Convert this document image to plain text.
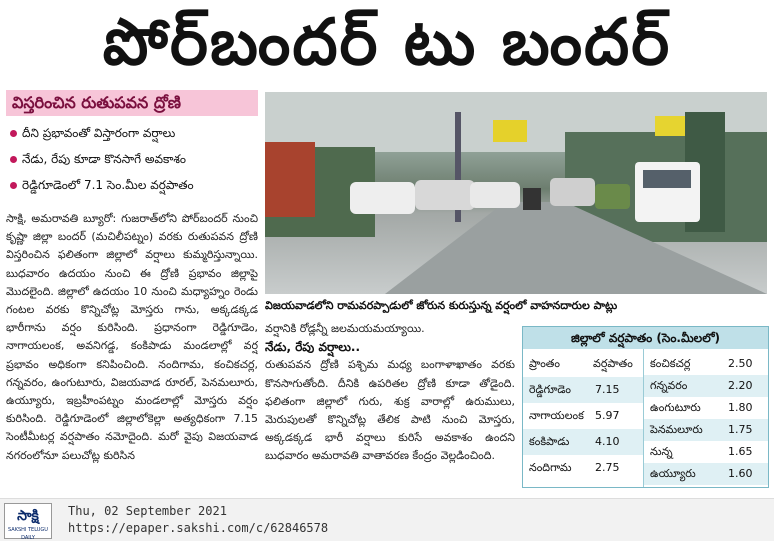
పోర్‌బందర్ టు బందర్
విస్తరించిన రుతుపవన ద్రోణి
దీని ప్రభావంతో విస్తారంగా వర్షాలు
నేడు, రేపు కూడా కొనసాగే అవకాశం
రెడ్డిగూడెంలో 7.1 సెం.మీల వర్షపాతం
విజయవాడలోని రామవరప్పాడులో జోరున కురుస్తున్న వర్షంలో వాహనదారుల పాట్లు
సాక్షి, అమరావతి బ్యూరో: గుజరాత్‌లోని పోర్‌బందర్ నుంచి కృష్ణా జిల్లా బందర్ (మచిలీపట్నం) వరకు రుతుపవన ద్రోణి విస్తరించిన ఫలితంగా జిల్లాలో వర్షాలు కుమ్మరిస్తున్నాయి. బుధవారం ఉదయం నుంచి ఈ ద్రోణి ప్రభావం జిల్లాపై మొదలైంది. జిల్లాలో ఉదయం 10 నుంచి మధ్యాహ్నం రెండు గంటల వరకు కొన్నిచోట్ల మోస్తరు గాను, అక్కడక్కడ భారీగాను వర్షం కురిసింది. ప్రధానంగా రెడ్డిగూడెం, నాగాయలంక, అవనిగడ్డ, కంకిపాడు మండలాల్లో వర్ష ప్రభావం అధికంగా కనిపించింది. నందిగామ, కంచికచర్ల, గన్నవరం, ఉంగుటూరు, విజయవాడ రూరల్, పెనమలూరు, ఉయ్యూరు, ఇబ్రహీంపట్నం మండలాల్లో మోస్తరు వర్షం కురిసింది. రెడ్డిగూడెంలో జిల్లాలోకెల్లా అత్యధికంగా 7.15 సెంటీమీటర్ల వర్షపాతం నమోదైంది. మరో వైపు విజయవాడ నగరంలోనూ పలుచోట్ల కురిసిన
వర్షానికి రోడ్లన్నీ జలమయమయ్యాయి.
నేడు, రేపు వర్షాలు..
రుతుపవన ద్రోణి పశ్చిమ మధ్య బంగాళాఖాతం వరకు కొనసాగుతోంది. దీనికి ఉపరితల ద్రోణి కూడా తోడైంది. ఫలితంగా జిల్లాలో గురు, శుక్ర వారాల్లో ఉరుములు, మెరుపులతో కొన్నిచోట్ల తేలిక పాటి నుంచి మోస్తరు, అక్కడక్కడ భారీ వర్షాలు కురిసే అవకాశం ఉందని బుధవారం అమరావతి వాతావరణ కేంద్రం వెల్లడించింది.
జిల్లాలో వర్షపాతం (సెం.మీలలో)
ప్రాంతం	వర్షపాతం
రెడ్డిగూడెం 7.15
నాగాయలంక 5.97
కంకిపాడు 4.10
నందిగామ 2.75
కంచికచర్ల	2.50
గన్నవరం	2.20
ఉంగుటూరు 1.80
పెనమలూరు 1.75
నున్న	1.65
ఉయ్యూరు	1.60
సాక్షి
SAKSHI TELUGU DAILY
Thu, 02 September 2021
https://epaper.sakshi.com/c/62846578
